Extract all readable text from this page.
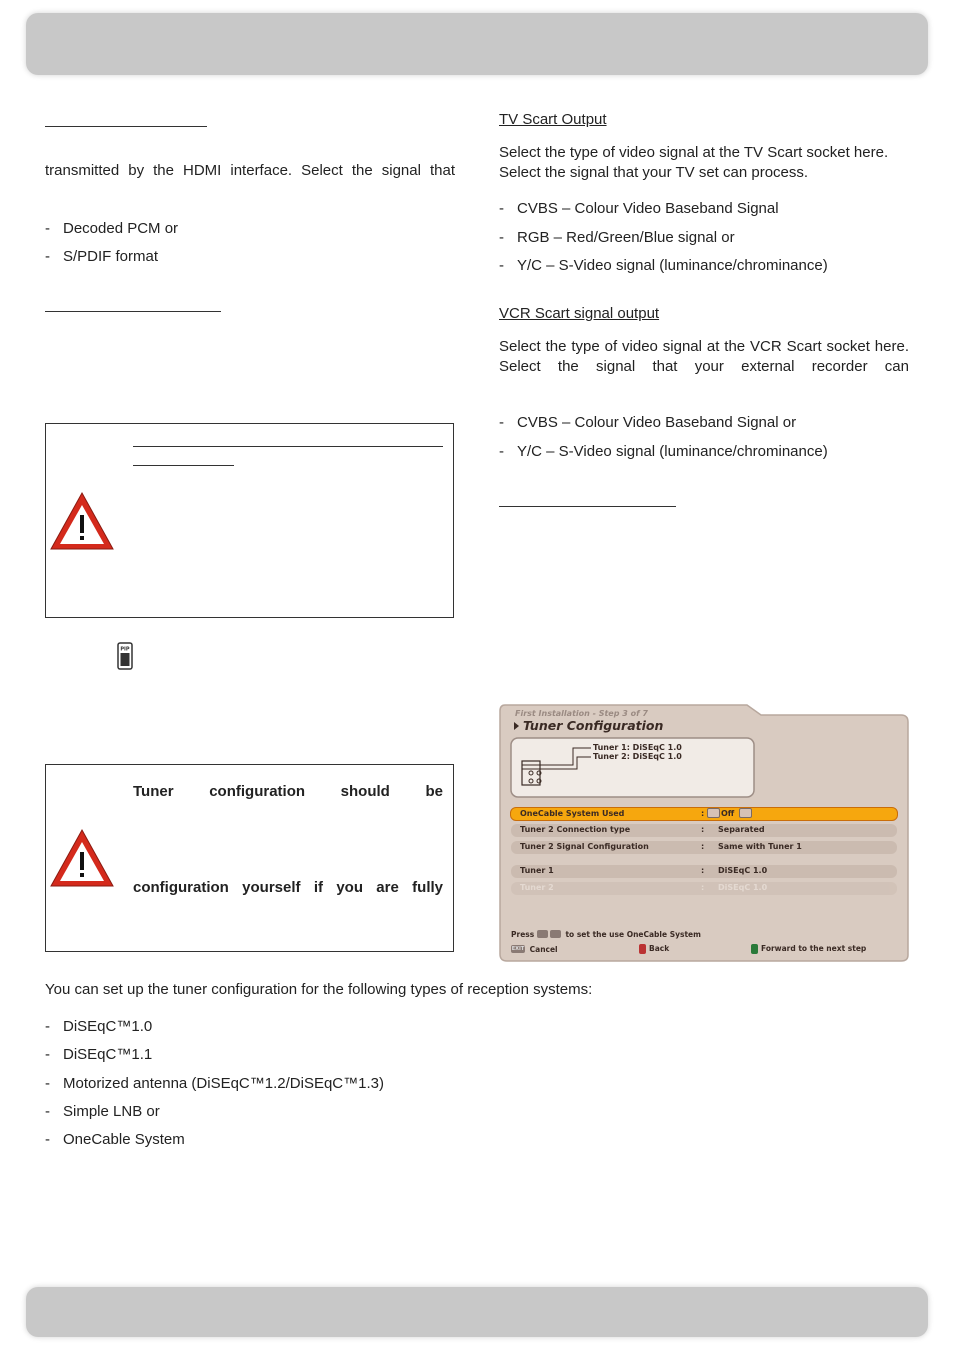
transmitted by the HDMI interface. Select the signal that
- Decoded PCM or
- S/PDIF format
PIP
Tuner configuration should be
configuration yourself if you are fully
TV Scart Output
Select the type of video signal at the TV Scart socket here. Select the signal that your TV set can process.
- CVBS – Colour Video Baseband Signal
- RGB – Red/Green/Blue signal or
- Y/C – S-Video signal (luminance/chrominance)
VCR Scart signal output
Select the type of video signal at the VCR Scart socket here. Select the signal that your external recorder can
- CVBS – Colour Video Baseband Signal or
- Y/C – S-Video signal (luminance/chrominance)
First Installation - Step 3 of 7
Tuner Configuration
Tuner 1: DiSEqC 1.0
Tuner 2: DiSEqC 1.0
OneCable System Used	: Off
Tuner 2 Connection type	: Separated
Tuner 2 Signal Configuration	: Same with Tuner 1
Tuner 1	: DiSEqC 1.0
Tuner 2	: DiSEqC 1.0
Press	to set the use OneCable System
EXIT Cancel	Back	Forward to the next step
You can set up the tuner configuration for the following types of reception systems:
- DiSEqC™1.0
- DiSEqC™1.1
- Motorized antenna (DiSEqC™1.2/DiSEqC™1.3)
- Simple LNB or
- OneCable System
